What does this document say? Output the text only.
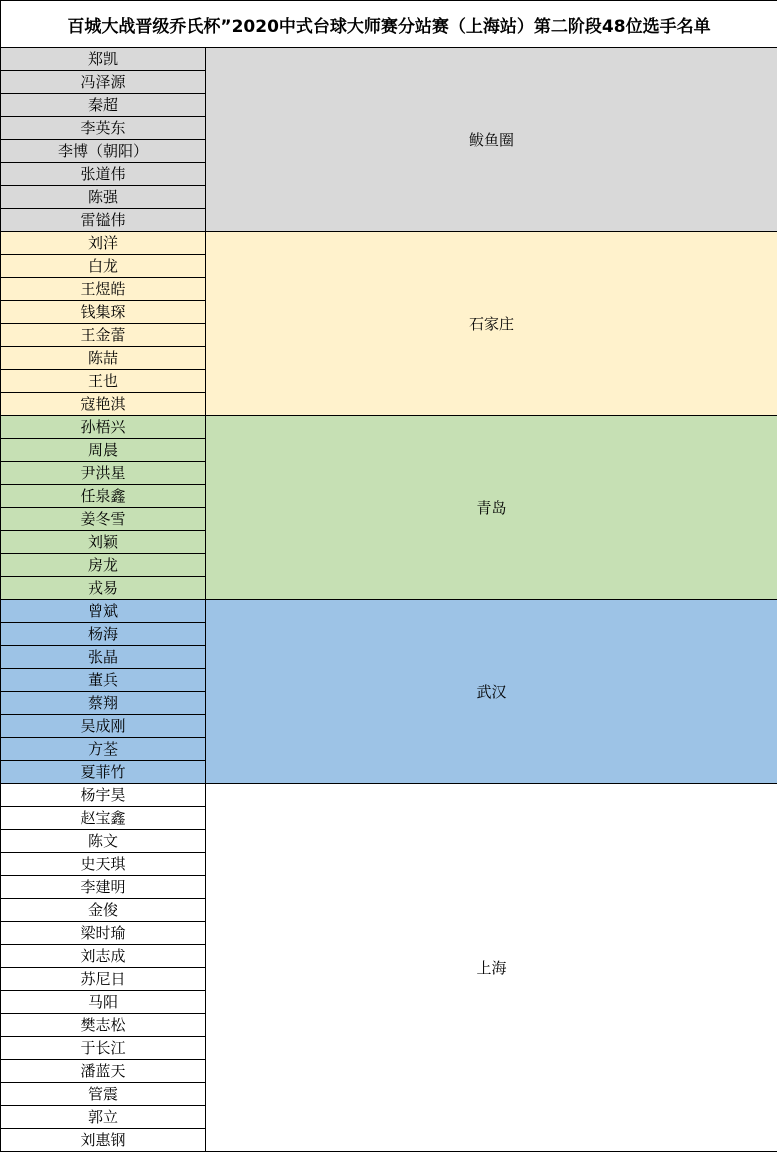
百城大战晋级乔氏杯”2020中式台球大师赛分站赛（上海站）第二阶段48位选手名单	
郑凯	鲅鱼圈
冯泽源	
秦超	
李英东	
李博（朝阳）	
张道伟	
陈强	
雷镒伟	
刘洋	石家庄
白龙	
王煜皓	
钱集琛	
王金蕾	
陈喆	
王也	
寇艳淇	
孙梧兴	青岛
周晨	
尹洪星	
任泉鑫	
姜冬雪	
刘颖	
房龙	
戎易	
曾斌	武汉
杨海	
张晶	
董兵	
蔡翔	
吴成刚	
方荃	
夏菲竹	
杨宇昊	上海
赵宝鑫	
陈文	
史天琪	
李建明	
金俊	
梁时瑜	
刘志成	
苏尼日	
马阳	
樊志松	
于长江	
潘蓝天	
管震	
郭立	
刘惠钢	
